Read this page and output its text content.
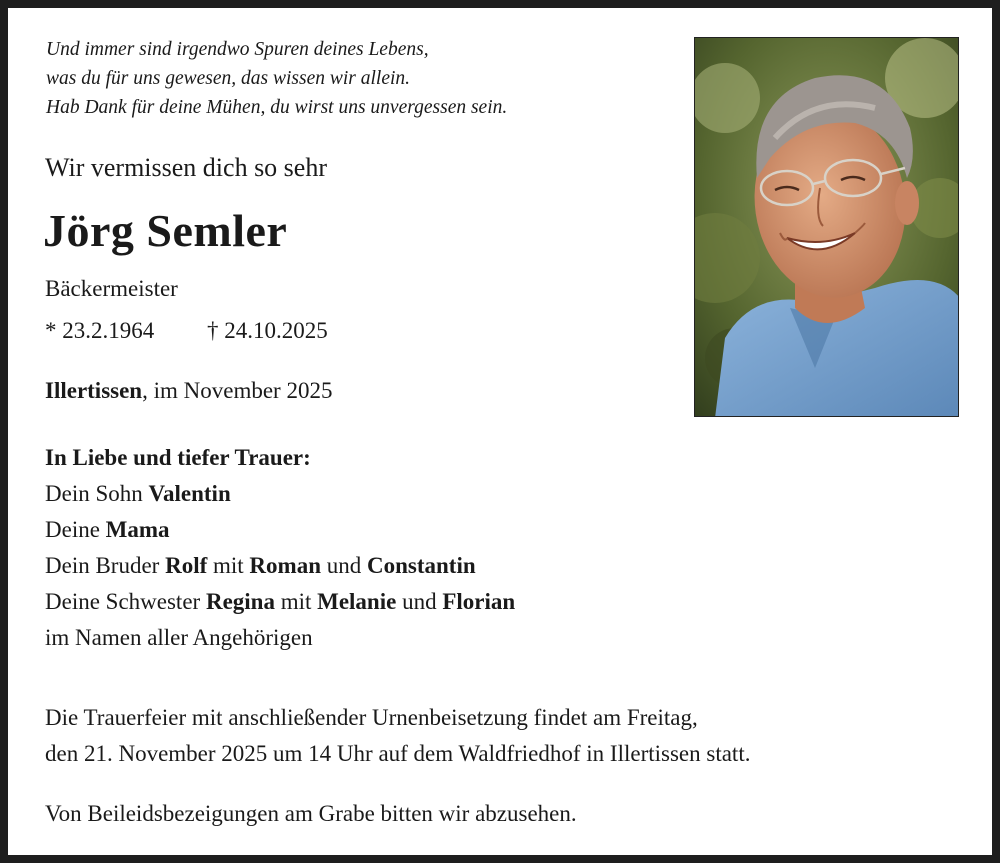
Und immer sind irgendwo Spuren deines Lebens,
was du für uns gewesen, das wissen wir allein.
Hab Dank für deine Mühen, du wirst uns unvergessen sein.
Wir vermissen dich so sehr
Jörg Semler
Bäckermeister
* 23.2.1964 † 24.10.2025
Illertissen, im November 2025
In Liebe und tiefer Trauer:
Dein Sohn Valentin
Deine Mama
Dein Bruder Rolf mit Roman und Constantin
Deine Schwester Regina mit Melanie und Florian
im Namen aller Angehörigen
Die Trauerfeier mit anschließender Urnenbeisetzung findet am Freitag,
den 21. November 2025 um 14 Uhr auf dem Waldfriedhof in Illertissen statt.
Von Beileidsbezeigungen am Grabe bitten wir abzusehen.
